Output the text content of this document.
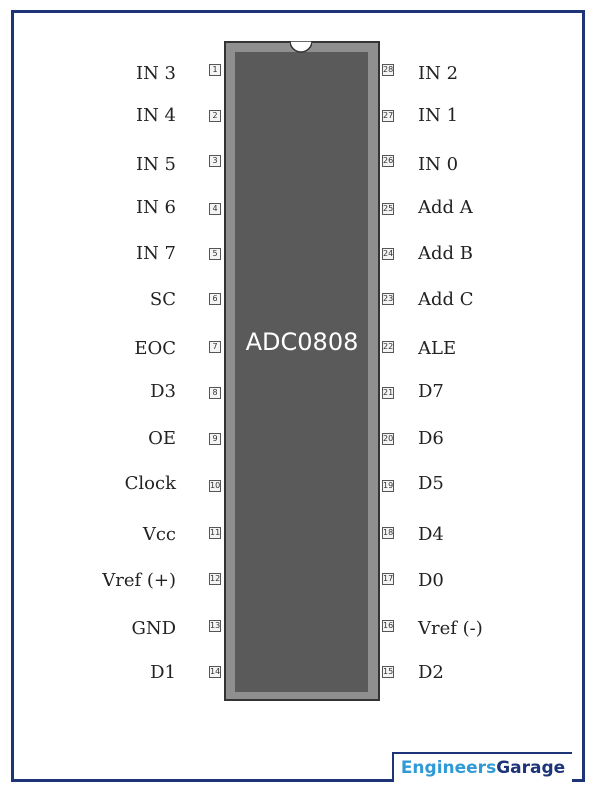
ADC0808
1
IN 3
2
IN 4
3
IN 5
4
IN 6
5
IN 7
6
SC
7
EOC
8
D3
9
OE
10
Clock
11
Vcc
12
Vref (+)
13
GND
14
D1
28 IN 2
27 IN 1
26 IN 0
25 Add A
24 Add B
23 Add C
22 ALE
21 D7
20 D6
19 D5
18 D4
17 D0
16 Vref (-)
15 D2
EngineersGarage
